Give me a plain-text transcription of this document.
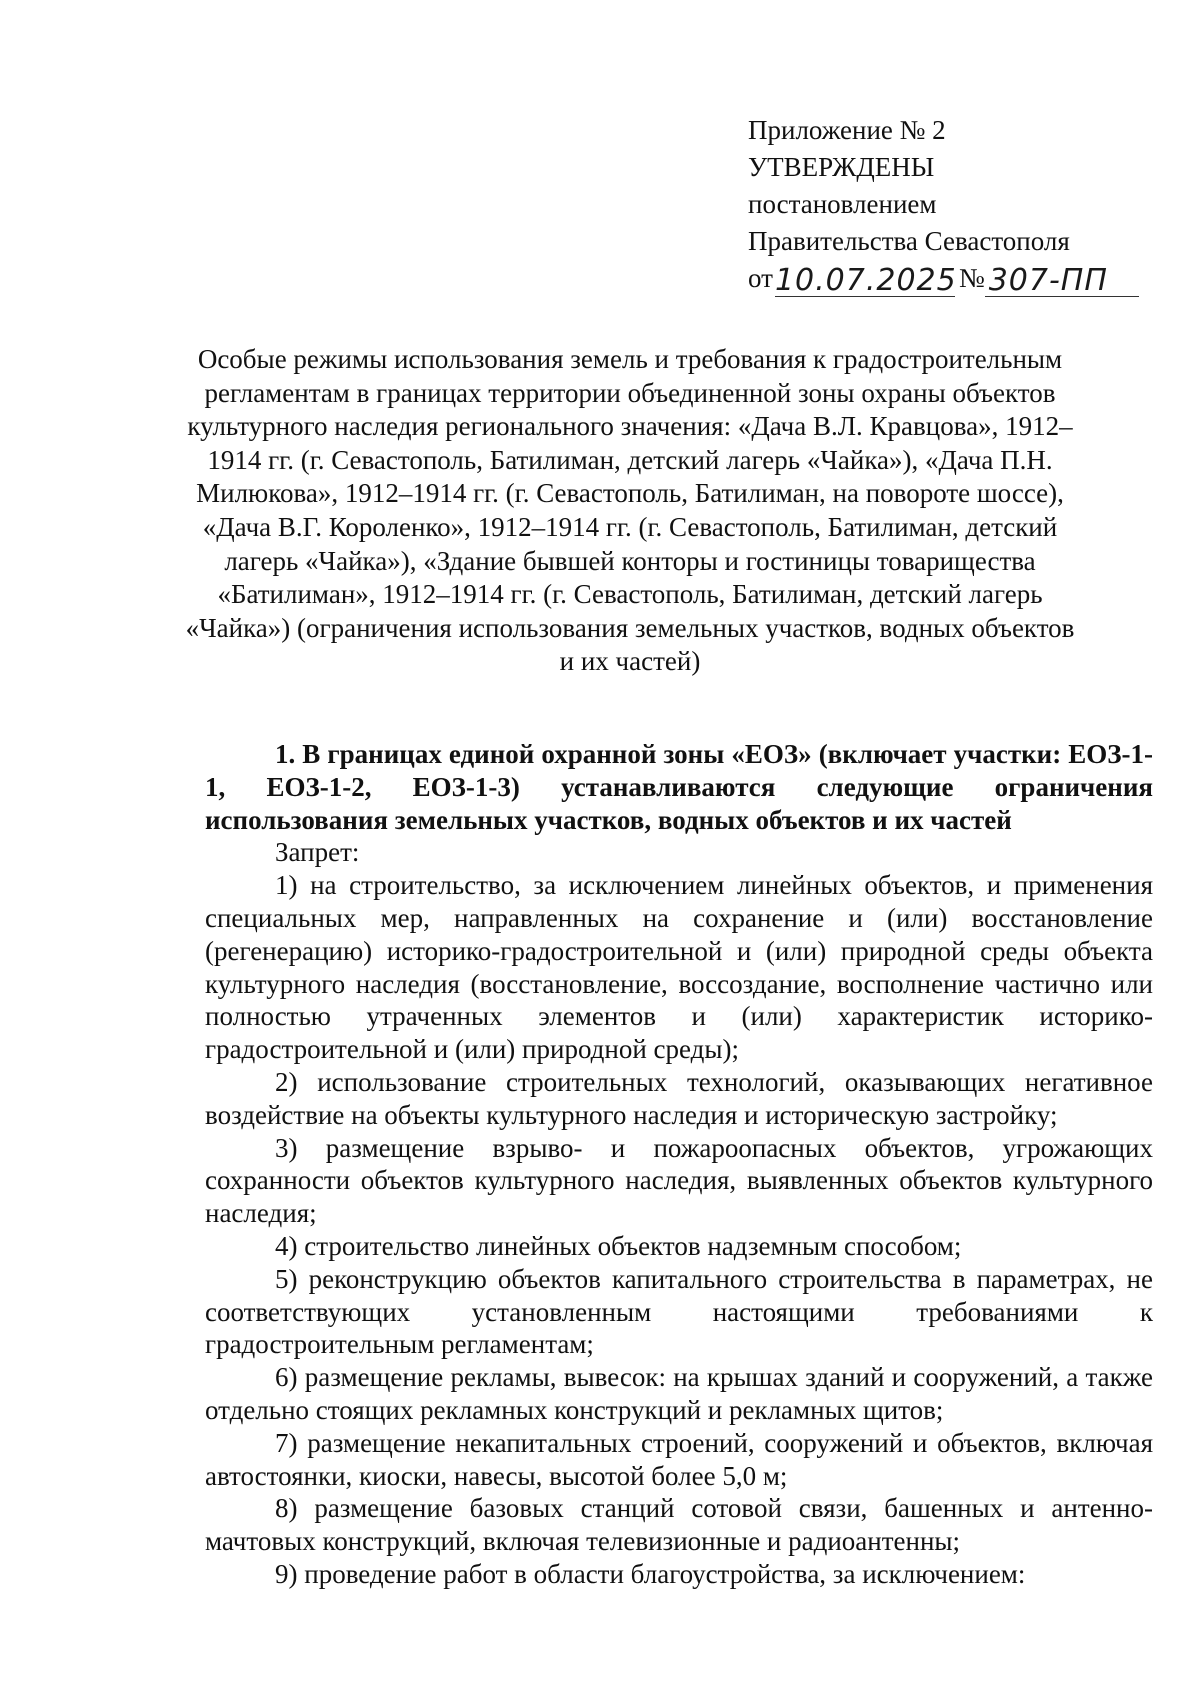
Приложение № 2
УТВЕРЖДЕНЫ
постановлением
Правительства Севастополя
от 10.07.2025 № 307-ПП
Особые режимы использования земель и требования к градостроительным регламентам в границах территории объединенной зоны охраны объектов культурного наследия регионального значения: «Дача В.Л. Кравцова», 1912–1914 гг. (г. Севастополь, Батилиман, детский лагерь «Чайка»), «Дача П.Н. Милюкова», 1912–1914 гг. (г. Севастополь, Батилиман, на повороте шоссе), «Дача В.Г. Короленко», 1912–1914 гг. (г. Севастополь, Батилиман, детский лагерь «Чайка»), «Здание бывшей конторы и гостиницы товарищества «Батилиман», 1912–1914 гг. (г. Севастополь, Батилиман, детский лагерь «Чайка») (ограничения использования земельных участков, водных объектов и их частей)

1. В границах единой охранной зоны «ЕОЗ» (включает участки: ЕОЗ-1-1, ЕОЗ-1-2, ЕОЗ-1-3) устанавливаются следующие ограничения использования земельных участков, водных объектов и их частей

Запрет:

1) на строительство, за исключением линейных объектов, и применения специальных мер, направленных на сохранение и (или) восстановление (регенерацию) историко-градостроительной и (или) природной среды объекта культурного наследия (восстановление, воссоздание, восполнение частично или полностью утраченных элементов и (или) характеристик историко-градостроительной и (или) природной среды);

2) использование строительных технологий, оказывающих негативное воздействие на объекты культурного наследия и историческую застройку;

3) размещение взрыво- и пожароопасных объектов, угрожающих сохранности объектов культурного наследия, выявленных объектов культурного наследия;

4) строительство линейных объектов надземным способом;

5) реконструкцию объектов капитального строительства в параметрах, не соответствующих установленным настоящими требованиями к градостроительным регламентам;

6) размещение рекламы, вывесок: на крышах зданий и сооружений, а также отдельно стоящих рекламных конструкций и рекламных щитов;

7) размещение некапитальных строений, сооружений и объектов, включая автостоянки, киоски, навесы, высотой более 5,0 м;

8) размещение базовых станций сотовой связи, башенных и антенно-мачтовых конструкций, включая телевизионные и радиоантенны;

9) проведение работ в области благоустройства, за исключением:
